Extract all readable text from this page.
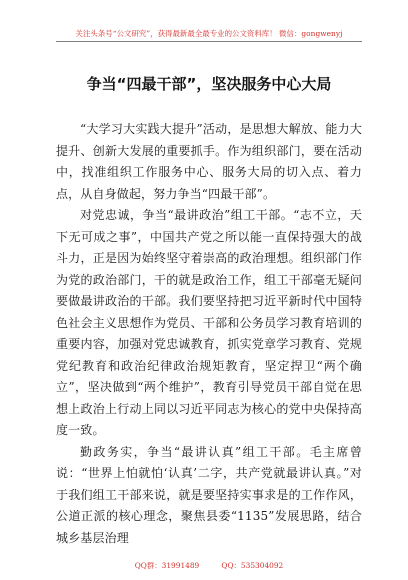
关注头条号“公文研究”，获得最新最全最专业的公文资料库！ 微信：gongwenyj
争当“四最干部”，坚决服务中心大局

“大学习大实践大提升”活动，是思想大解放、能力大提升、创新大发展的重要抓手。作为组织部门，要在活动中，找准组织工作服务中心、服务大局的切入点、着力点，从自身做起，努力争当“四最干部”。

对党忠诚，争当“最讲政治”组工干部。“志不立，天下无可成之事”，中国共产党之所以能一直保持强大的战斗力，正是因为始终坚守着崇高的政治理想。组织部门作为党的政治部门，干的就是政治工作，组工干部毫无疑问要做最讲政治的干部。我们要坚持把习近平新时代中国特色社会主义思想作为党员、干部和公务员学习教育培训的重要内容，加强对党忠诚教育，抓实党章学习教育、党规党纪教育和政治纪律政治规矩教育，坚定捍卫“两个确立”，坚决做到“两个维护”，教育引导党员干部自觉在思想上政治上行动上同以习近平同志为核心的党中央保持高度一致。

勤政务实，争当“最讲认真”组工干部。毛主席曾说：“世界上怕就怕‘认真’二字，共产党就最讲认真。”对于我们组工干部来说，就是要坚持实事求是的工作作风，公道正派的核心理念，聚焦县委“1135”发展思路，结合城乡基层治理

QQ群：31991489　　　QQ：535304092
